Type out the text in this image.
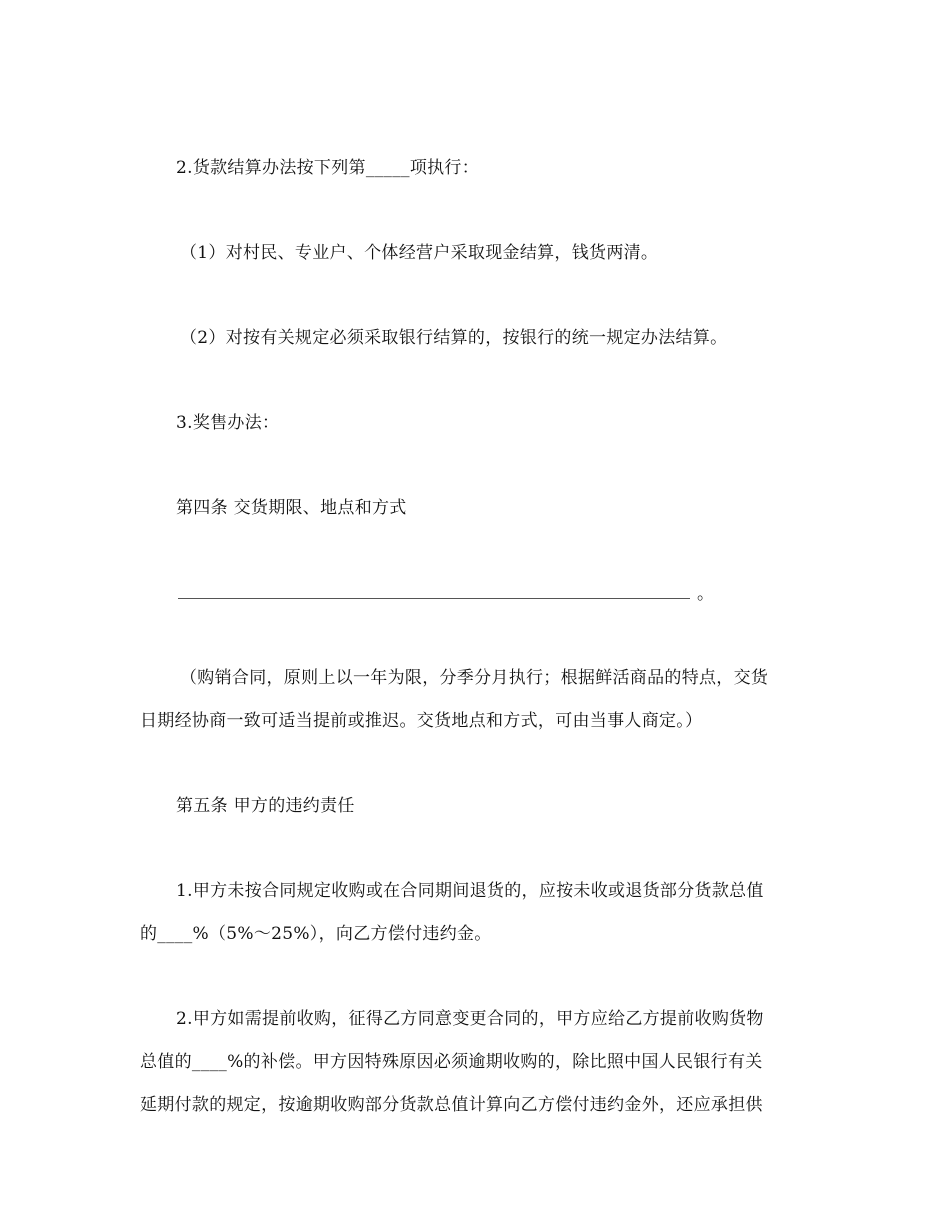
2.货款结算办法按下列第_____项执行：
（1）对村民、专业户、个体经营户采取现金结算，钱货两清。
（2）对按有关规定必须采取银行结算的，按银行的统一规定办法结算。
3.奖售办法：
第四条 交货期限、地点和方式
。
（购销合同，原则上以一年为限，分季分月执行；根据鲜活商品的特点，交货
日期经协商一致可适当提前或推迟。交货地点和方式，可由当事人商定。）
第五条 甲方的违约责任
1.甲方未按合同规定收购或在合同期间退货的，应按未收或退货部分货款总值
的____%（5%～25%），向乙方偿付违约金。
2.甲方如需提前收购，征得乙方同意变更合同的，甲方应给乙方提前收购货物
总值的____%的补偿。甲方因特殊原因必须逾期收购的，除比照中国人民银行有关
延期付款的规定，按逾期收购部分货款总值计算向乙方偿付违约金外，还应承担供
